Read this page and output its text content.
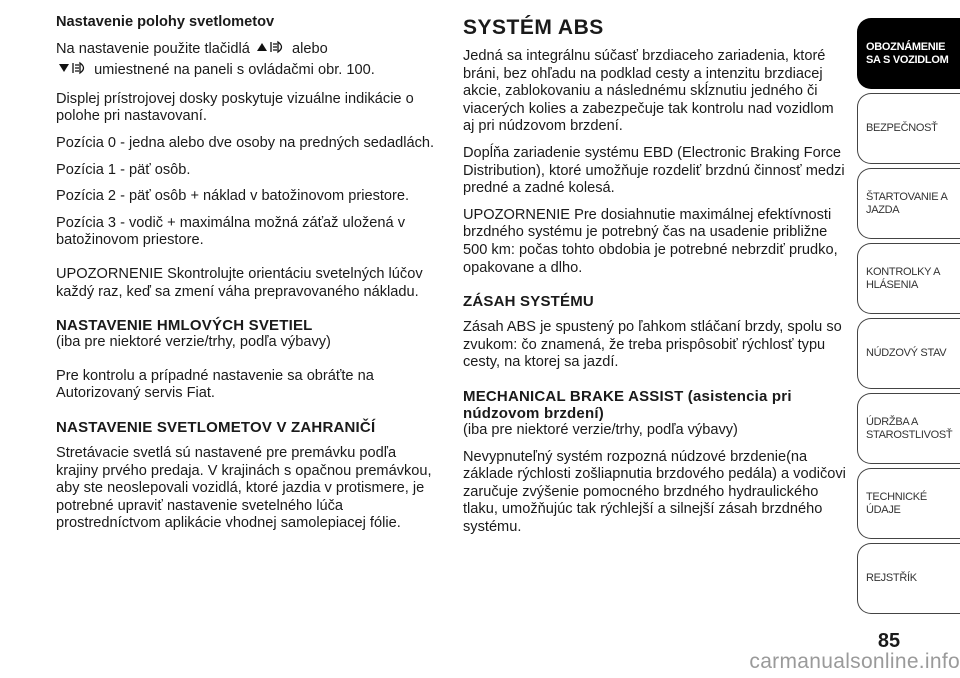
Nastavenie polohy svetlometov

Na nastavenie použite tlačidlá	alebo
umiestnené na paneli s ovládačmi obr. 100.

Displej prístrojovej dosky poskytuje vizuálne indikácie o polohe pri nastavovaní.

Pozícia 0 - jedna alebo dve osoby na predných sedadlách.

Pozícia 1 - päť osôb.

Pozícia 2 - päť osôb + náklad v batožinovom priestore.

Pozícia 3 - vodič + maximálna možná záťaž uložená v batožinovom priestore.

UPOZORNENIE Skontrolujte orientáciu svetelných lúčov každý raz, keď sa zmení váha prepravovaného nákladu.

NASTAVENIE HMLOVÝCH SVETIEL

(iba pre niektoré verzie/trhy, podľa výbavy)

Pre kontrolu a prípadné nastavenie sa obráťte na Autorizovaný servis Fiat.

NASTAVENIE SVETLOMETOV V ZAHRANIČÍ

Stretávacie svetlá sú nastavené pre premávku podľa krajiny prvého predaja. V krajinách s opačnou premávkou, aby ste neoslepovali vozidlá, ktoré jazdia v protismere, je potrebné upraviť nastavenie svetelného lúča prostredníctvom aplikácie vhodnej samolepiacej fólie.

SYSTÉM ABS

Jedná sa integrálnu súčasť brzdiaceho zariadenia, ktoré bráni, bez ohľadu na podklad cesty a intenzitu brzdiacej akcie, zablokovaniu a následnému skĺznutiu jedného či viacerých kolies a zabezpečuje tak kontrolu nad vozidlom aj pri núdzovom brzdení.

Dopĺňa zariadenie systému EBD (Electronic Braking Force Distribution), ktoré umožňuje rozdeliť brzdnú činnosť medzi predné a zadné kolesá.

UPOZORNENIE Pre dosiahnutie maximálnej efektívnosti brzdného systému je potrebný čas na usadenie približne 500 km: počas tohto obdobia je potrebné nebrzdiť prudko, opakovane a dlho.

ZÁSAH SYSTÉMU

Zásah ABS je spustený po ľahkom stláčaní brzdy, spolu so zvukom: čo znamená, že treba prispôsobiť rýchlosť typu cesty, na ktorej sa jazdí.

MECHANICAL BRAKE ASSIST (asistencia pri núdzovom brzdení)

(iba pre niektoré verzie/trhy, podľa výbavy)

Nevypnuteľný systém rozpozná núdzové brzdenie(na základe rýchlosti zošliapnutia brzdového pedála) a vodičovi zaručuje zvýšenie pomocného brzdného hydraulického tlaku, umožňujúc tak rýchlejší a silnejší zásah brzdného systému.

OBOZNÁMENIE SA S VOZIDLOM
BEZPEČNOSŤ
ŠTARTOVANIE A JAZDA
KONTROLKY A HLÁSENIA
NÚDZOVÝ STAV
ÚDRŽBA A STAROSTLIVOSŤ
TECHNICKÉ ÚDAJE
REJSTŘÍK
85
carmanualsonline.info
